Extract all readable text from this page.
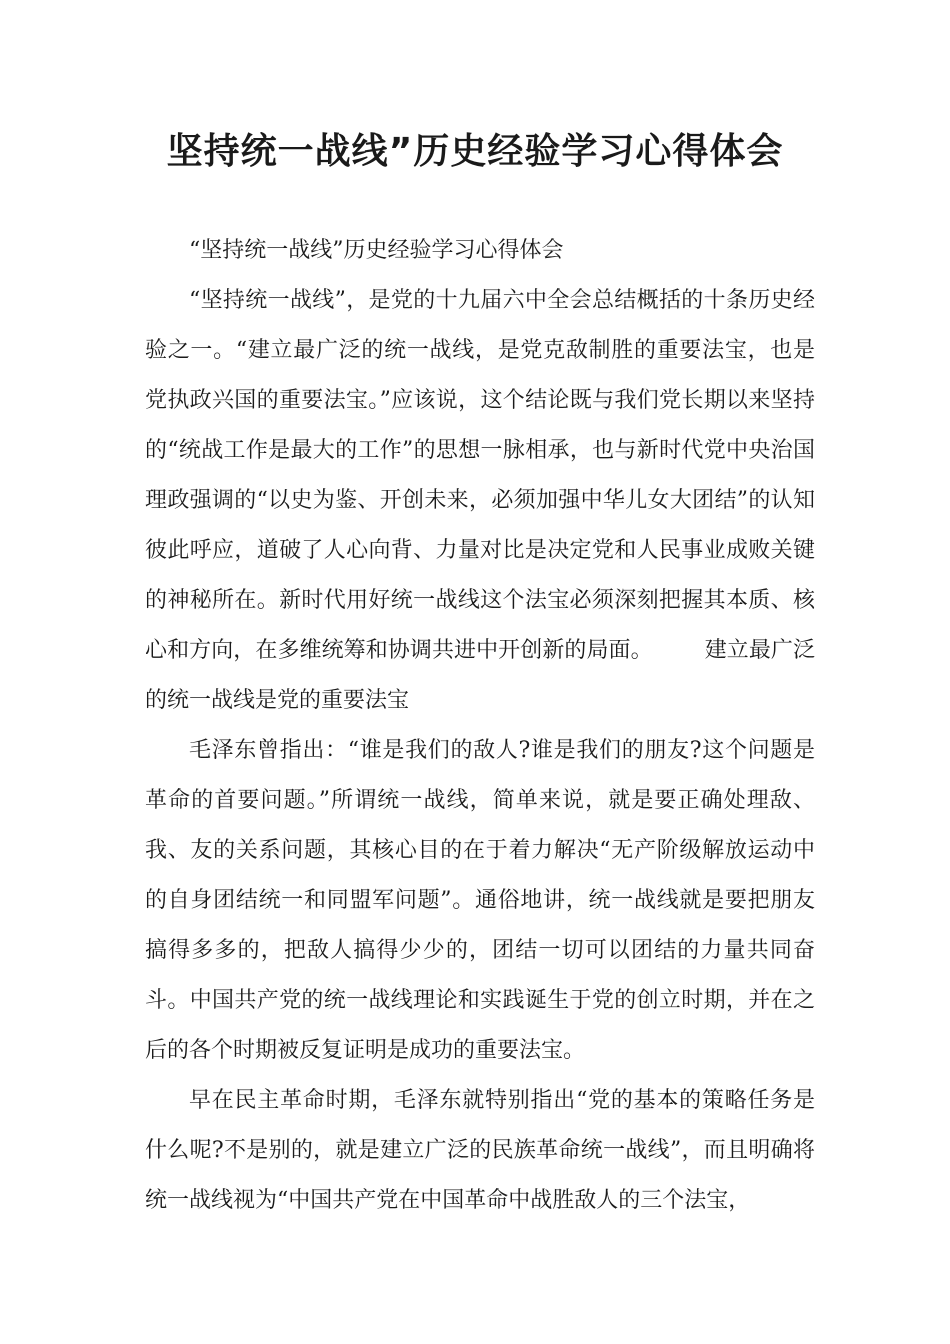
坚持统一战线”历史经验学习心得体会

“坚持统一战线”历史经验学习心得体会

“坚持统一战线”，是党的十九届六中全会总结概括的十条历史经验之一。“建立最广泛的统一战线，是党克敌制胜的重要法宝，也是党执政兴国的重要法宝。”应该说，这个结论既与我们党长期以来坚持的“统战工作是最大的工作”的思想一脉相承，也与新时代党中央治国理政强调的“以史为鉴、开创未来，必须加强中华儿女大团结”的认知彼此呼应，道破了人心向背、力量对比是决定党和人民事业成败关键的神秘所在。新时代用好统一战线这个法宝必须深刻把握其本质、核心和方向，在多维统筹和协调共进中开创新的局面。 建立最广泛的统一战线是党的重要法宝

毛泽东曾指出：“谁是我们的敌人?谁是我们的朋友?这个问题是革命的首要问题。”所谓统一战线，简单来说，就是要正确处理敌、我、友的关系问题，其核心目的在于着力解决“无产阶级解放运动中的自身团结统一和同盟军问题”。通俗地讲，统一战线就是要把朋友搞得多多的，把敌人搞得少少的，团结一切可以团结的力量共同奋斗。中国共产党的统一战线理论和实践诞生于党的创立时期，并在之后的各个时期被反复证明是成功的重要法宝。

早在民主革命时期，毛泽东就特别指出“党的基本的策略任务是什么呢?不是别的，就是建立广泛的民族革命统一战线”，而且明确将统一战线视为“中国共产党在中国革命中战胜敌人的三个法宝，
